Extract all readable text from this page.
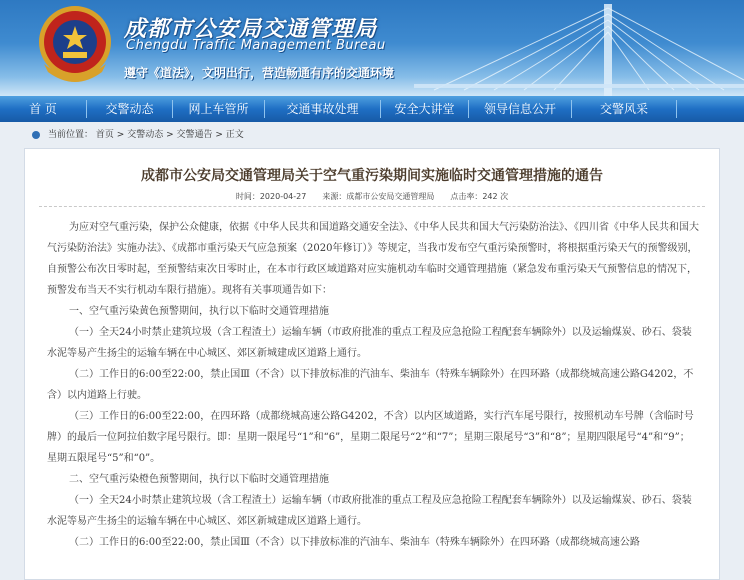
成都市公安局交通管理局
Chengdu Traffic Management Bureau
遵守《道法》，文明出行，营造畅通有序的交通环境
首 页	交警动态	网上车管所	交通事故处理	安全大讲堂	领导信息公开	交警风采
当前位置： 首页 > 交警动态 > 交警通告 > 正文
成都市公安局交通管理局关于空气重污染期间实施临时交通管理措施的通告
时间：2020-04-27　　来源：成都市公安局交通管理局　　点击率：242 次

为应对空气重污染，保护公众健康，依据《中华人民共和国道路交通安全法》、《中华人民共和国大气污染防治法》、《四川省《中华人民共和国大气污染防治法》实施办法》、《成都市重污染天气应急预案（2020年修订）》等规定，当我市发布空气重污染预警时，将根据重污染天气的预警级别，自预警公布次日零时起，至预警结束次日零时止，在本市行政区域道路对应实施机动车临时交通管理措施（紧急发布重污染天气预警信息的情况下，预警发布当天不实行机动车限行措施）。现将有关事项通告如下：

一、空气重污染黄色预警期间，执行以下临时交通管理措施

（一）全天24小时禁止建筑垃圾（含工程渣土）运输车辆（市政府批准的重点工程及应急抢险工程配套车辆除外）以及运输煤炭、砂石、袋装水泥等易产生扬尘的运输车辆在中心城区、郊区新城建成区道路上通行。

（二）工作日的6:00至22:00，禁止国Ⅲ（不含）以下排放标准的汽油车、柴油车（特殊车辆除外）在四环路（成都绕城高速公路G4202，不含）以内道路上行驶。

（三）工作日的6:00至22:00，在四环路（成都绕城高速公路G4202，不含）以内区域道路，实行汽车尾号限行，按照机动车号牌（含临时号牌）的最后一位阿拉伯数字尾号限行。即：星期一限尾号“1”和“6”，星期二限尾号“2”和“7”；星期三限尾号“3”和“8”；星期四限尾号“4”和“9”；星期五限尾号“5”和“0”。

二、空气重污染橙色预警期间，执行以下临时交通管理措施

（一）全天24小时禁止建筑垃圾（含工程渣土）运输车辆（市政府批准的重点工程及应急抢险工程配套车辆除外）以及运输煤炭、砂石、袋装水泥等易产生扬尘的运输车辆在中心城区、郊区新城建成区道路上通行。

（二）工作日的6:00至22:00，禁止国Ⅲ（不含）以下排放标准的汽油车、柴油车（特殊车辆除外）在四环路（成都绕城高速公路
